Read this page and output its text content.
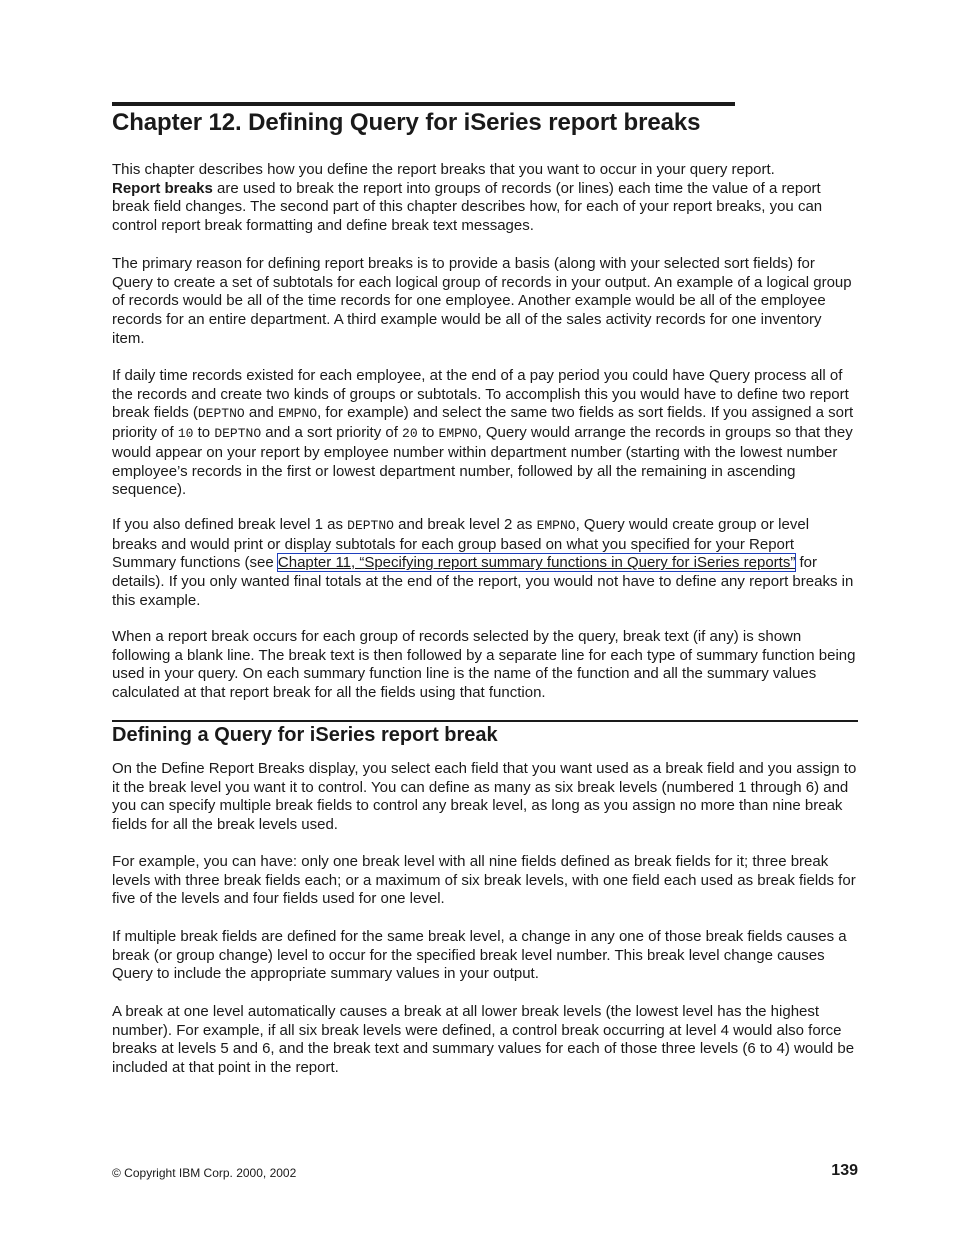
Chapter 12. Defining Query for iSeries report breaks

This chapter describes how you define the report breaks that you want to occur in your query report.
Report breaks are used to break the report into groups of records (or lines) each time the value of a report break field changes. The second part of this chapter describes how, for each of your report breaks, you can control report break formatting and define break text messages.

The primary reason for defining report breaks is to provide a basis (along with your selected sort fields) for Query to create a set of subtotals for each logical group of records in your output. An example of a logical group of records would be all of the time records for one employee. Another example would be all of the employee records for an entire department. A third example would be all of the sales activity records for one inventory item.

If daily time records existed for each employee, at the end of a pay period you could have Query process all of the records and create two kinds of groups or subtotals. To accomplish this you would have to define two report break fields (DEPTNO and EMPNO, for example) and select the same two fields as sort fields. If you assigned a sort priority of 10 to DEPTNO and a sort priority of 20 to EMPNO, Query would arrange the records in groups so that they would appear on your report by employee number within department number (starting with the lowest number employee’s records in the first or lowest department number, followed by all the remaining in ascending sequence).

If you also defined break level 1 as DEPTNO and break level 2 as EMPNO, Query would create group or level breaks and would print or display subtotals for each group based on what you specified for your Report Summary functions (see Chapter 11, “Specifying report summary functions in Query for iSeries reports” for details). If you only wanted final totals at the end of the report, you would not have to define any report breaks in this example.

When a report break occurs for each group of records selected by the query, break text (if any) is shown following a blank line. The break text is then followed by a separate line for each type of summary function being used in your query. On each summary function line is the name of the function and all the summary values calculated at that report break for all the fields using that function.

Defining a Query for iSeries report break

On the Define Report Breaks display, you select each field that you want used as a break field and you assign to it the break level you want it to control. You can define as many as six break levels (numbered 1 through 6) and you can specify multiple break fields to control any break level, as long as you assign no more than nine break fields for all the break levels used.

For example, you can have: only one break level with all nine fields defined as break fields for it; three break levels with three break fields each; or a maximum of six break levels, with one field each used as break fields for five of the levels and four fields used for one level.

If multiple break fields are defined for the same break level, a change in any one of those break fields causes a break (or group change) level to occur for the specified break level number. This break level change causes Query to include the appropriate summary values in your output.

A break at one level automatically causes a break at all lower break levels (the lowest level has the highest number). For example, if all six break levels were defined, a control break occurring at level 4 would also force breaks at levels 5 and 6, and the break text and summary values for each of those three levels (6 to 4) would be included at that point in the report.

© Copyright IBM Corp. 2000, 2002	139
